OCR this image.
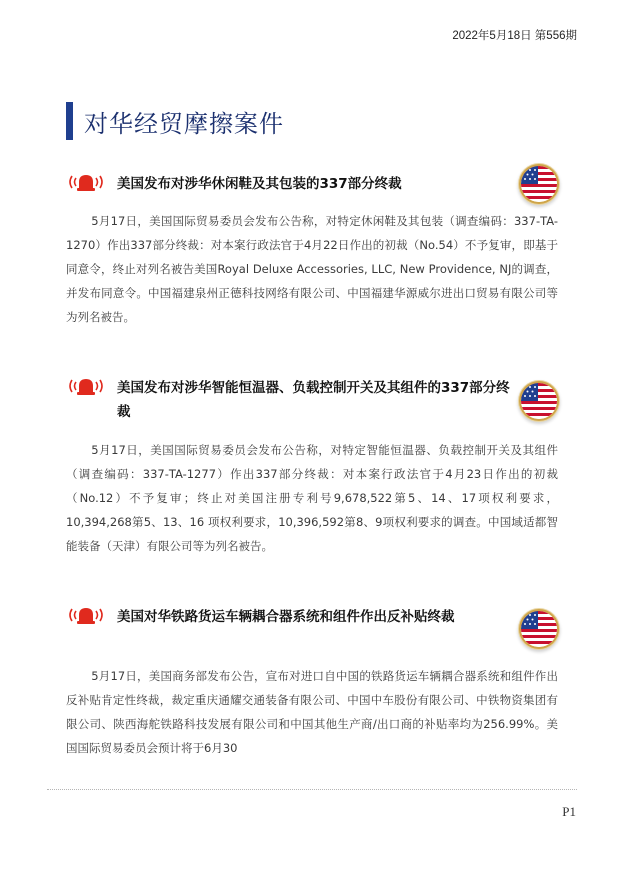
2022年5月18日 第556期
对华经贸摩擦案件
美国发布对涉华休闲鞋及其包装的337部分终裁

5月17日，美国国际贸易委员会发布公告称，对特定休闲鞋及其包装（调查编码：337-TA-1270）作出337部分终裁：对本案行政法官于4月22日作出的初裁（No.54）不予复审，即基于同意令，终止对列名被告美国Royal Deluxe Accessories, LLC, New Providence, NJ的调查，并发布同意令。中国福建泉州正德科技网络有限公司、中国福建华源威尔进出口贸易有限公司等为列名被告。

美国发布对涉华智能恒温器、负载控制开关及其组件的337部分终裁

5月17日，美国国际贸易委员会发布公告称，对特定智能恒温器、负载控制开关及其组件（调查编码：337-TA-1277）作出337部分终裁：对本案行政法官于4月23日作出的初裁（No.12）不予复审；终止对美国注册专利号9,678,522第5、14、17项权利要求，10,394,268第5、13、16 项权利要求，10,396,592第8、9项权利要求的调查。中国域适都智能装备（天津）有限公司等为列名被告。

美国对华铁路货运车辆耦合器系统和组件作出反补贴终裁

5月17日，美国商务部发布公告，宣布对进口自中国的铁路货运车辆耦合器系统和组件作出反补贴肯定性终裁，裁定重庆通耀交通装备有限公司、中国中车股份有限公司、中铁物资集团有限公司、陕西海舵铁路科技发展有限公司和中国其他生产商/出口商的补贴率均为256.99%。美国国际贸易委员会预计将于6月30

P1
